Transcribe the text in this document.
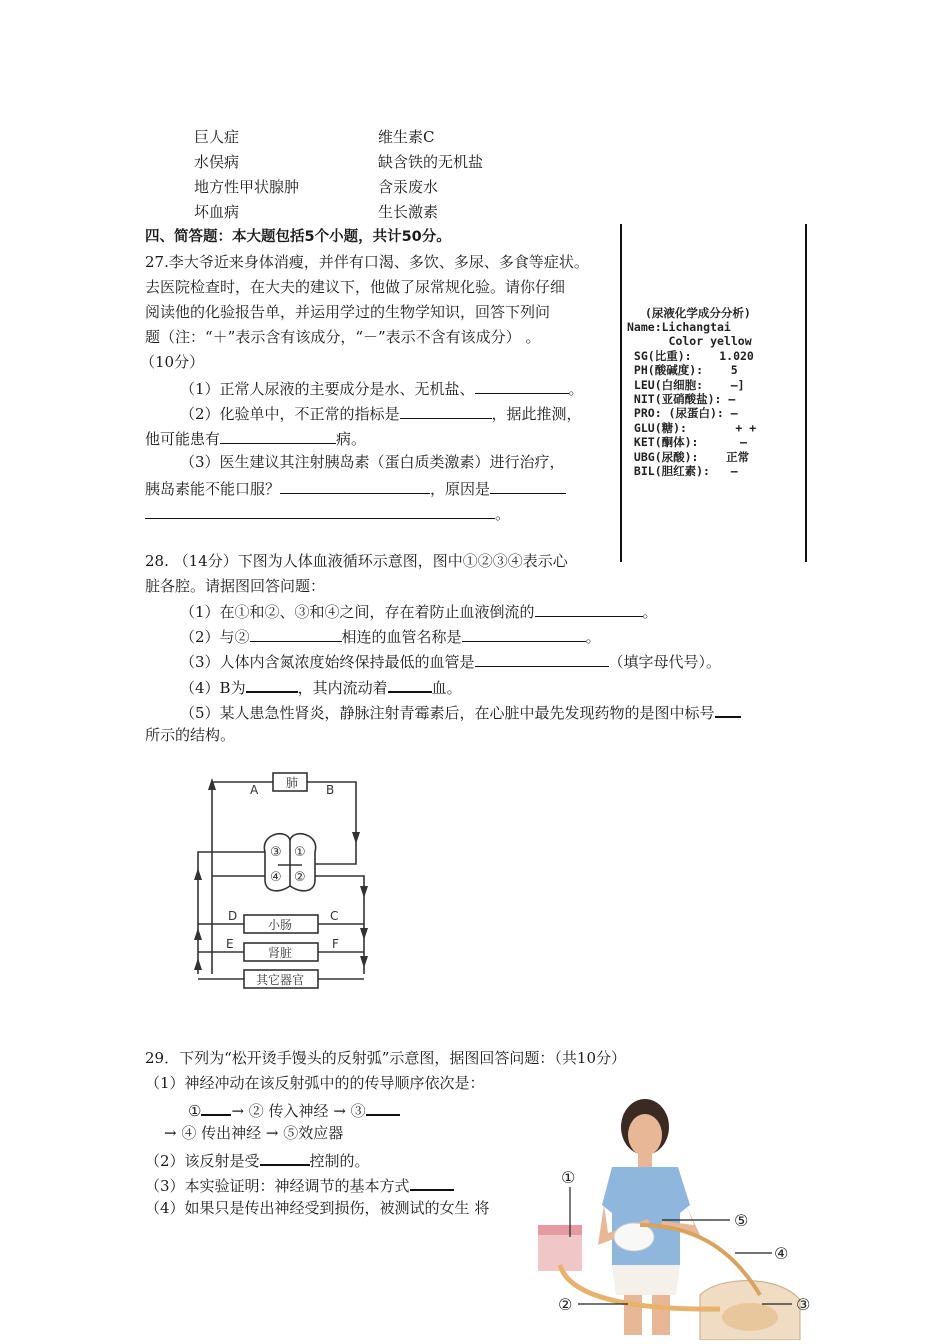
巨人症	维生素C
水俣病	缺含铁的无机盐
地方性甲状腺肿	含汞废水
坏血病	生长激素
四、简答题：本大题包括5个小题，共计50分。
27.李大爷近来身体消瘦，并伴有口渴、多饮、多尿、多食等症状。
去医院检查时，在大夫的建议下，他做了尿常规化验。请你仔细
阅读他的化验报告单，并运用学过的生物学知识，回答下列问
题（注：“＋”表示含有该成分，“－”表示不含有该成分） 。
（10分）
（1）正常人尿液的主要成分是水、无机盐、	。
（2）化验单中，不正常的指标是	，据此推测，
他可能患有	病。
（3）医生建议其注射胰岛素（蛋白质类激素）进行治疗，
胰岛素能不能口服？	，原因是
。
(尿液化学成分分析)
Name:Lichangtai
Color yellow
SG(比重):    1.020
PH(酸碱度):    5
LEU(白细胞:    —]
NIT(亚硝酸盐): —
PRO: (尿蛋白): —
GLU(糖):       + +
KET(酮体):      —
UBG(尿酸):    正常
BIL(胆红素):   —
28. （14分）下图为人体血液循环示意图，图中①②③④表示心
脏各腔。请据图回答问题：
（1）在①和②、③和④之间，存在着防止血液倒流的	。
（2）与②	相连的血管名称是	。
（3）人体内含氮浓度始终保持最低的血管是	（填字母代号）。
（4）B为	，其内流动着	血。
（5）某人患急性肾炎，静脉注射青霉素后，在心脏中最先发现药物的是图中标号
所示的结构。
肺
A	B
D	C
E	F
小肠
肾脏
其它器官
③ ①
④ ②
29．下列为“松开烫手馒头的反射弧”示意图，据图回答问题：（共10分）
（1）神经冲动在该反射弧中的的传导顺序依次是：
① → ② 传入神经 → ③
→ ④ 传出神经 → ⑤效应器
（2）该反射是受	控制的。
（3）本实验证明：神经调节的基本方式
（4）如果只是传出神经受到损伤，被测试的女生 将
①
⑤
④
②	③
